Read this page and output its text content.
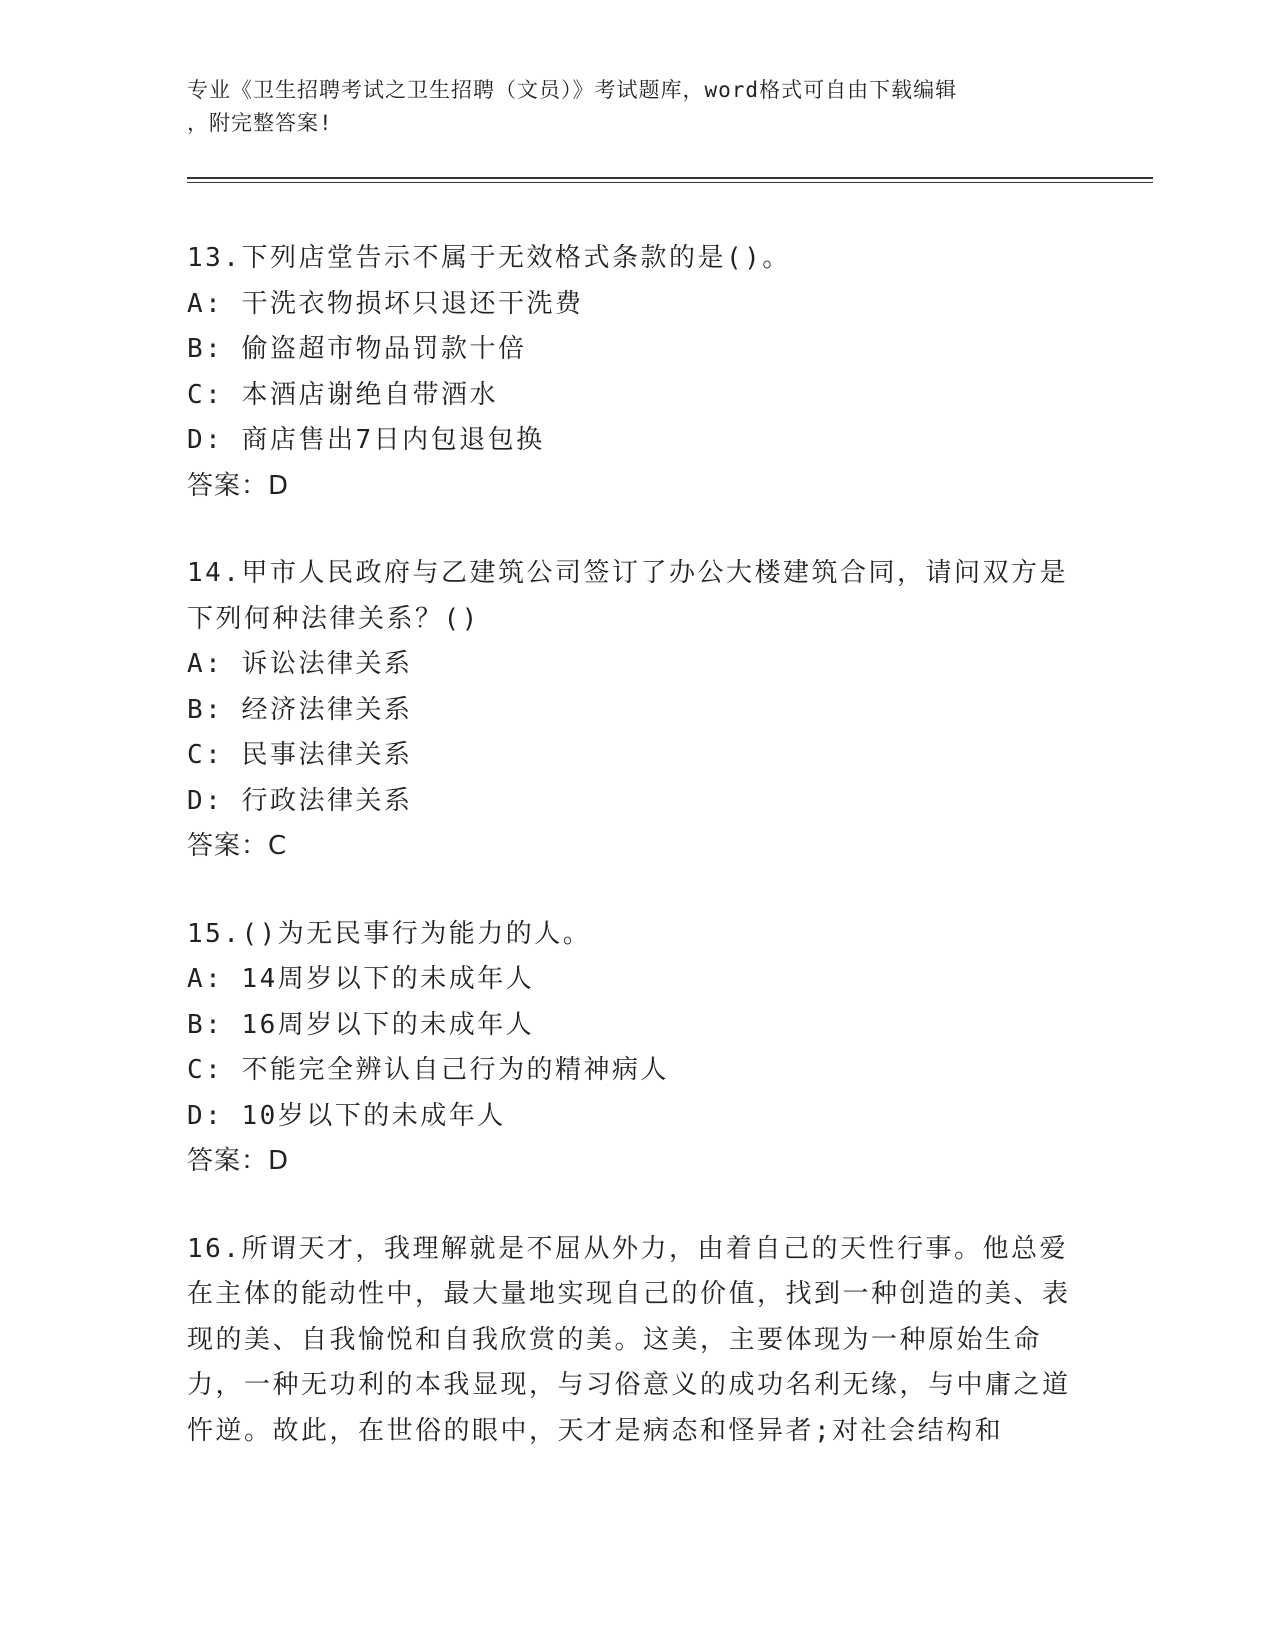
专业《卫生招聘考试之卫生招聘（文员）》考试题库，word格式可自由下载编辑
，附完整答案!
13.下列店堂告示不属于无效格式条款的是()。
A: 干洗衣物损坏只退还干洗费
B: 偷盗超市物品罚款十倍
C: 本酒店谢绝自带酒水
D: 商店售出7日内包退包换
答案：D
14.甲市人民政府与乙建筑公司签订了办公大楼建筑合同，请问双方是下列何种法律关系？()
A: 诉讼法律关系
B: 经济法律关系
C: 民事法律关系
D: 行政法律关系
答案：C
15.()为无民事行为能力的人。
A: 14周岁以下的未成年人
B: 16周岁以下的未成年人
C: 不能完全辨认自己行为的精神病人
D: 10岁以下的未成年人
答案：D
16.所谓天才，我理解就是不屈从外力，由着自己的天性行事。他总爱在主体的能动性中，最大量地实现自己的价值，找到一种创造的美、表现的美、自我愉悦和自我欣赏的美。这美，主要体现为一种原始生命力，一种无功利的本我显现，与习俗意义的成功名利无缘，与中庸之道忤逆。故此，在世俗的眼中，天才是病态和怪异者;对社会结构和
